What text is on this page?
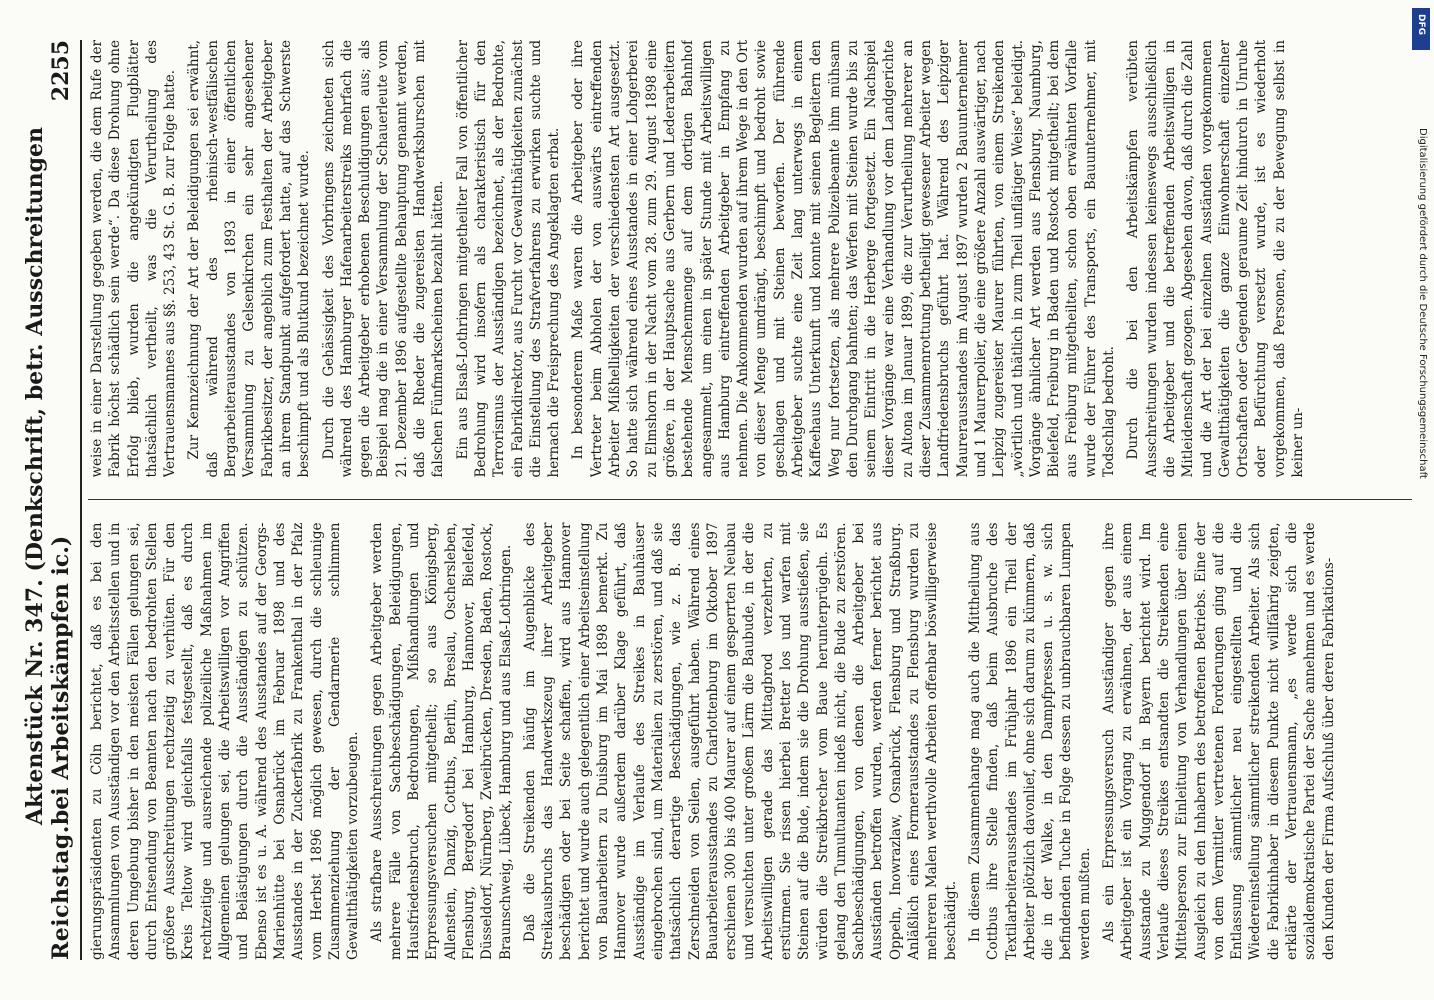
Reichstag.
Aktenstück Nr. 347. (Denkschrift, betr. Ausschreitungen bei Arbeitskämpfen ic.)
2255

gierungspräsidenten zu Cöln berichtet, daß es bei den Ansammlungen von Ausständigen vor den Arbeitsstellen und in deren Umgebung bisher in den meisten Fällen gelungen sei, durch Entsendung von Beamten nach den bedrohten Stellen größere Ausschreitungen rechtzeitig zu verhüten. Für den Kreis Teltow wird gleichfalls festgestellt, daß es durch rechtzeitige und ausreichende polizeiliche Maßnahmen im Allgemeinen gelungen sei, die Arbeitswilligen vor Angriffen und Belästigungen durch die Ausständigen zu schützen. Ebenso ist es u. A. während des Ausstandes auf der Georgs-Marienhütte bei Osnabrück im Februar 1898 und des Ausstandes in der Zuckerfabrik zu Frankenthal in der Pfalz vom Herbst 1896 möglich gewesen, durch die schleunige Zusammenziehung der Gendarmerie schlimmen Gewaltthätigkeiten vorzubeugen. Als strafbare Ausschreitungen gegen Arbeitgeber werden mehrere Fälle von Sachbeschädigungen, Beleidigungen, Hausfriedensbruch, Bedrohungen, Mißhandlungen und Erpressungsversuchen mitgetheilt; so aus Königsberg, Allenstein, Danzig, Cottbus, Berlin, Breslau, Oschersleben, Flensburg, Bergedorf bei Hamburg, Hannover, Bielefeld, Düsseldorf, Nürnberg, Zweibrücken, Dresden, Baden, Rostock, Braunschweig, Lübeck, Hamburg und aus Elsaß-Lothringen. Daß die Streikenden häufig im Augenblicke des Streikausbruchs das Handwerkszeug ihrer Arbeitgeber beschädigen oder bei Seite schaffen, wird aus Hannover berichtet und wurde auch gelegentlich einer Arbeitseinstellung von Bauarbeitern zu Duisburg im Mai 1898 bemerkt. Zu Hannover wurde außerdem darüber Klage geführt, daß Ausständige im Verlaufe des Streikes in Bauhäuser eingebrochen sind, um Materialien zu zerstören, und daß sie thatsächlich derartige Beschädigungen, wie z. B. das Zerschneiden von Seilen, ausgeführt haben. Während eines Bauarbeiterausstandes zu Charlottenburg im Oktober 1897 erschienen 300 bis 400 Maurer auf einem gesperrten Neubau und versuchten unter großem Lärm die Baubude, in der die Arbeitswilligen gerade das Mittagbrod verzehrten, zu erstürmen. Sie rissen hierbei Bretter los und warfen mit Steinen auf die Bude, indem sie die Drohung ausstießen, sie würden die Streikbrecher vom Baue herunterprügeln. Es gelang den Tumultuanten indeß nicht, die Bude zu zerstören. Sachbeschädigungen, von denen die Arbeitgeber bei Ausständen betroffen wurden, werden ferner berichtet aus Oppeln, Inowrazlaw, Osnabrück, Flensburg und Straßburg. Anläßlich eines Formerausstandes zu Flensburg wurden zu mehreren Malen werthvolle Arbeiten offenbar böswilligerweise beschädigt. In diesem Zusammenhange mag auch die Mittheilung aus Cottbus ihre Stelle finden, daß beim Ausbruche des Textilarbeiterausstandes im Frühjahr 1896 ein Theil der Arbeiter plötzlich davonlief, ohne sich darum zu kümmern, daß die in der Walke, in den Dampfpressen u. s. w. sich befindenden Tuche in Folge dessen zu unbrauchbaren Lumpen werden mußten. Als ein Erpressungsversuch Ausständiger gegen ihre Arbeitgeber ist ein Vorgang zu erwähnen, der aus einem Ausstande zu Muggendorf in Bayern berichtet wird. Im Verlaufe dieses Streikes entsandten die Streikenden eine Mittelsperson zur Einleitung von Verhandlungen über einen Ausgleich zu den Inhabern des betroffenen Betriebs. Eine der von dem Vermittler vertretenen Forderungen ging auf die Entlassung sämmtlicher neu eingestellten und die Wiedereinstellung sämmtlicher streikenden Arbeiter. Als sich die Fabrikinhaber in diesem Punkte nicht willfährig zeigten, erklärte der Vertrauensmann, „es werde sich die sozialdemokratische Partei der Sache annehmen und es werde den Kunden der Firma Aufschluß über deren Fabrikations-

weise in einer Darstellung gegeben werden, die dem Rufe der Fabrik höchst schädlich sein werde“. Da diese Drohung ohne Erfolg blieb, wurden die angekündigten Flugblätter thatsächlich vertheilt, was die Verurtheilung des Vertrauensmannes aus §§. 253, 43 St. G. B. zur Folge hatte. Zur Kennzeichnung der Art der Beleidigungen sei erwähnt, daß während des rheinisch-westfälischen Bergarbeiterausstandes von 1893 in einer öffentlichen Versammlung zu Gelsenkirchen ein sehr angesehener Fabrikbesitzer, der angeblich zum Festhalten der Arbeitgeber an ihrem Standpunkt aufgefordert hatte, auf das Schwerste beschimpft und als Blutkund bezeichnet wurde. Durch die Gehässigkeit des Vorbringens zeichneten sich während des Hamburger Hafenarbeiterstreiks mehrfach die gegen die Arbeitgeber erhobenen Beschuldigungen aus; als Beispiel mag die in einer Versammlung der Schauerleute vom 21. Dezember 1896 aufgestellte Behauptung genannt werden, daß die Rheder die zugereisten Handwerksburschen mit falschen Fünfmarkscheinen bezahlt hätten. Ein aus Elsaß-Lothringen mitgetheilter Fall von öffentlicher Bedrohung wird insofern als charakteristisch für den Terrorismus der Ausständigen bezeichnet, als der Bedrohte, ein Fabrikdirektor, aus Furcht vor Gewaltthätigkeiten zunächst die Einstellung des Strafverfahrens zu erwirken suchte und hernach die Freisprechung des Angeklagten erbat. In besonderem Maße waren die Arbeitgeber oder ihre Vertreter beim Abholen der von auswärts eintreffenden Arbeiter Mißhelligkeiten der verschiedensten Art ausgesetzt. So hatte sich während eines Ausstandes in einer Lohgerberei zu Elmshorn in der Nacht vom 28. zum 29. August 1898 eine größere, in der Hauptsache aus Gerbern und Lederarbeitern bestehende Menschenmenge auf dem dortigen Bahnhof angesammelt, um einen in später Stunde mit Arbeitswilligen aus Hamburg eintreffenden Arbeitgeber in Empfang zu nehmen. Die Ankommenden wurden auf ihrem Wege in den Ort von dieser Menge umdrängt, beschimpft und bedroht sowie geschlagen und mit Steinen beworfen. Der führende Arbeitgeber suchte eine Zeit lang unterwegs in einem Kaffeehaus Unterkunft und konnte mit seinen Begleitern den Weg nur fortsetzen, als mehrere Polizeibeamte ihm mühsam den Durchgang bahnten; das Werfen mit Steinen wurde bis zu seinem Eintritt in die Herberge fortgesetzt. Ein Nachspiel dieser Vorgänge war eine Verhandlung vor dem Landgerichte zu Altona im Januar 1899, die zur Verurtheilung mehrerer an dieser Zusammenrottung betheiligt gewesener Arbeiter wegen Landfriedensbruchs geführt hat. Während des Leipziger Maurerausstandes im August 1897 wurden 2 Bauunternehmer und 1 Maurerpolier, die eine größere Anzahl auswärtiger, nach Leipzig zugereister Maurer führten, von einem Streikenden „wörtlich und thätlich in zum Theil unflätiger Weise“ beleidigt. Vorgänge ähnlicher Art werden aus Flensburg, Naumburg, Bielefeld, Freiburg in Baden und Rostock mitgetheilt; bei dem aus Freiburg mitgetheilten, schon oben erwähnten Vorfalle wurde der Führer des Transports, ein Bauunternehmer, mit Todschlag bedroht. Durch die bei den Arbeitskämpfen verübten Ausschreitungen wurden indessen keineswegs ausschließlich die Arbeitgeber und die betreffenden Arbeitswilligen in Mitleidenschaft gezogen. Abgesehen davon, daß durch die Zahl und die Art der bei einzelnen Ausständen vorgekommenen Gewaltthätigkeiten die ganze Einwohnerschaft einzelner Ortschaften oder Gegenden geraume Zeit hindurch in Unruhe oder Befürchtung versetzt wurde, ist es wiederholt vorgekommen, daß Personen, die zu der Bewegung selbst in keiner un-

DFG
Digitalisierung gefördert durch die Deutsche Forschungsgemeinschaft
